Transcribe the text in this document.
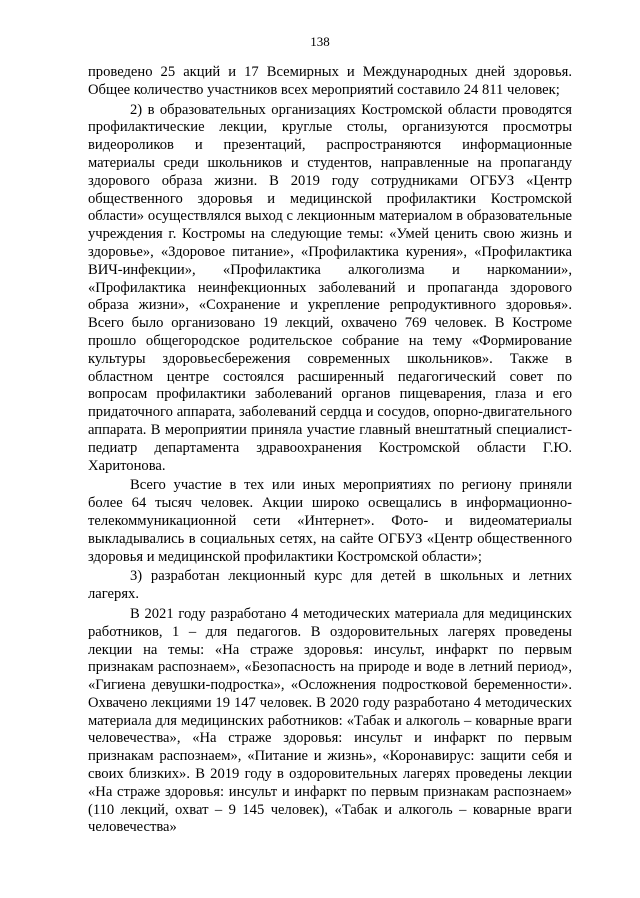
138

проведено 25 акций и 17 Всемирных и Международных дней здоровья. Общее количество участников всех мероприятий составило 24 811 человек;

2) в образовательных организациях Костромской области проводятся профилактические лекции, круглые столы, организуются просмотры видеороликов и презентаций, распространяются информационные материалы среди школьников и студентов, направленные на пропаганду здорового образа жизни. В 2019 году сотрудниками ОГБУЗ «Центр общественного здоровья и медицинской профилактики Костромской области» осуществлялся выход с лекционным материалом в образовательные учреждения г. Костромы на следующие темы: «Умей ценить свою жизнь и здоровье», «Здоровое питание», «Профилактика курения», «Профилактика ВИЧ-инфекции», «Профилактика алкоголизма и наркомании», «Профилактика неинфекционных заболеваний и пропаганда здорового образа жизни», «Сохранение и укрепление репродуктивного здоровья». Всего было организовано 19 лекций, охвачено 769 человек. В Костроме прошло общегородское родительское собрание на тему «Формирование культуры здоровьесбережения современных школьников». Также в областном центре состоялся расширенный педагогический совет по вопросам профилактики заболеваний органов пищеварения, глаза и его придаточного аппарата, заболеваний сердца и сосудов, опорно-двигательного аппарата. В мероприятии приняла участие главный внештатный специалист-педиатр департамента здравоохранения Костромской области Г.Ю. Харитонова.

Всего участие в тех или иных мероприятиях по региону приняли более 64 тысяч человек. Акции широко освещались в информационно-телекоммуникационной сети «Интернет». Фото- и видеоматериалы выкладывались в социальных сетях, на сайте ОГБУЗ «Центр общественного здоровья и медицинской профилактики Костромской области»;

3) разработан лекционный курс для детей в школьных и летних лагерях.

В 2021 году разработано 4 методических материала для медицинских работников, 1 – для педагогов. В оздоровительных лагерях проведены лекции на темы: «На страже здоровья: инсульт, инфаркт по первым признакам распознаем», «Безопасность на природе и воде в летний период», «Гигиена девушки-подростка», «Осложнения подростковой беременности». Охвачено лекциями 19 147 человек. В 2020 году разработано 4 методических материала для медицинских работников: «Табак и алкоголь – коварные враги человечества», «На страже здоровья: инсульт и инфаркт по первым признакам распознаем», «Питание и жизнь», «Коронавирус: защити себя и своих близких». В 2019 году в оздоровительных лагерях проведены лекции «На страже здоровья: инсульт и инфаркт по первым признакам распознаем» (110 лекций, охват – 9 145 человек), «Табак и алкоголь – коварные враги человечества»
